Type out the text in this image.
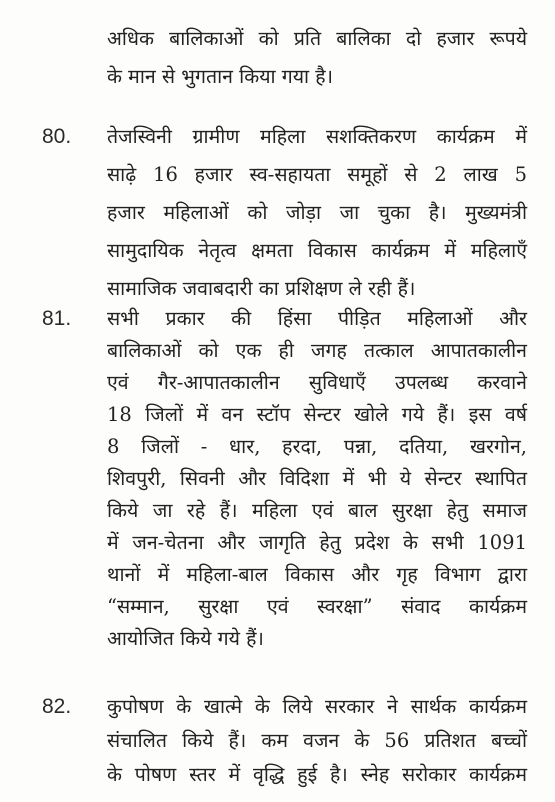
अधिक बालिकाओं को प्रति बालिका दो हजार रूपये
के मान से भुगतान किया गया है।
80. तेजस्विनी ग्रामीण महिला सशक्तिकरण कार्यक्रम में
साढ़े 16 हजार स्व-सहायता समूहों से 2 लाख 5
हजार महिलाओं को जोड़ा जा चुका है। मुख्यमंत्री
सामुदायिक नेतृत्व क्षमता विकास कार्यक्रम में महिलाएँ
सामाजिक जवाबदारी का प्रशिक्षण ले रही हैं।
81. सभी प्रकार की हिंसा पीड़ित महिलाओं और
बालिकाओं को एक ही जगह तत्काल आपातकालीन
एवं गैर-आपातकालीन सुविधाएँ उपलब्ध करवाने
18 जिलों में वन स्टॉप सेन्टर खोले गये हैं। इस वर्ष
8 जिलों - धार, हरदा, पन्ना, दतिया, खरगोन,
शिवपुरी, सिवनी और विदिशा में भी ये सेन्टर स्थापित
किये जा रहे हैं। महिला एवं बाल सुरक्षा हेतु समाज
में जन-चेतना और जागृति हेतु प्रदेश के सभी 1091
थानों में महिला-बाल विकास और गृह विभाग द्वारा
“सम्मान, सुरक्षा एवं स्वरक्षा” संवाद कार्यक्रम
आयोजित किये गये हैं।
82. कुपोषण के खात्मे के लिये सरकार ने सार्थक कार्यक्रम
संचालित किये हैं। कम वजन के 56 प्रतिशत बच्चों
के पोषण स्तर में वृद्धि हुई है। स्नेह सरोकार कार्यक्रम
